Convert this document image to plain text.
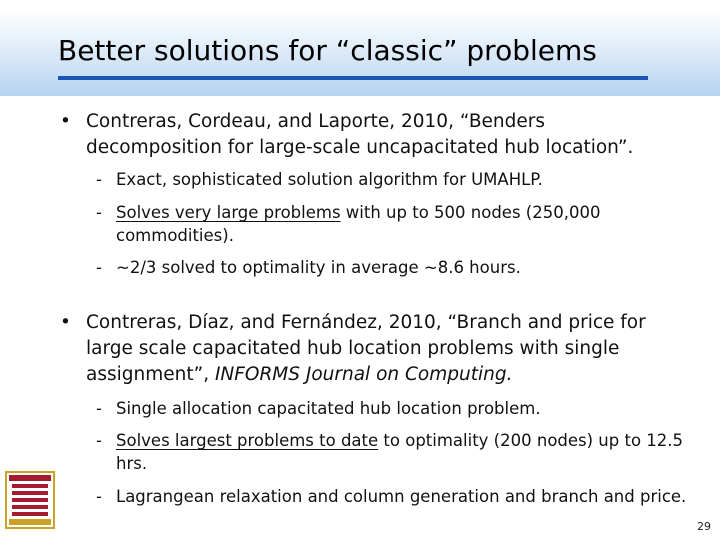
Better solutions for “classic” problems
• Contreras, Cordeau, and Laporte, 2010, “Benders decomposition for large-scale uncapacitated hub location”.
- Exact, sophisticated solution algorithm for UMAHLP.
- Solves very large problems with up to 500 nodes (250,000 commodities).
- ~2/3 solved to optimality in average ~8.6 hours.
• Contreras, Díaz, and Fernández, 2010, “Branch and price for large scale capacitated hub location problems with single assignment”, INFORMS Journal on Computing.
- Single allocation capacitated hub location problem.
- Solves largest problems to date to optimality (200 nodes) up to 12.5 hrs.
- Lagrangean relaxation and column generation and branch and price.
29
